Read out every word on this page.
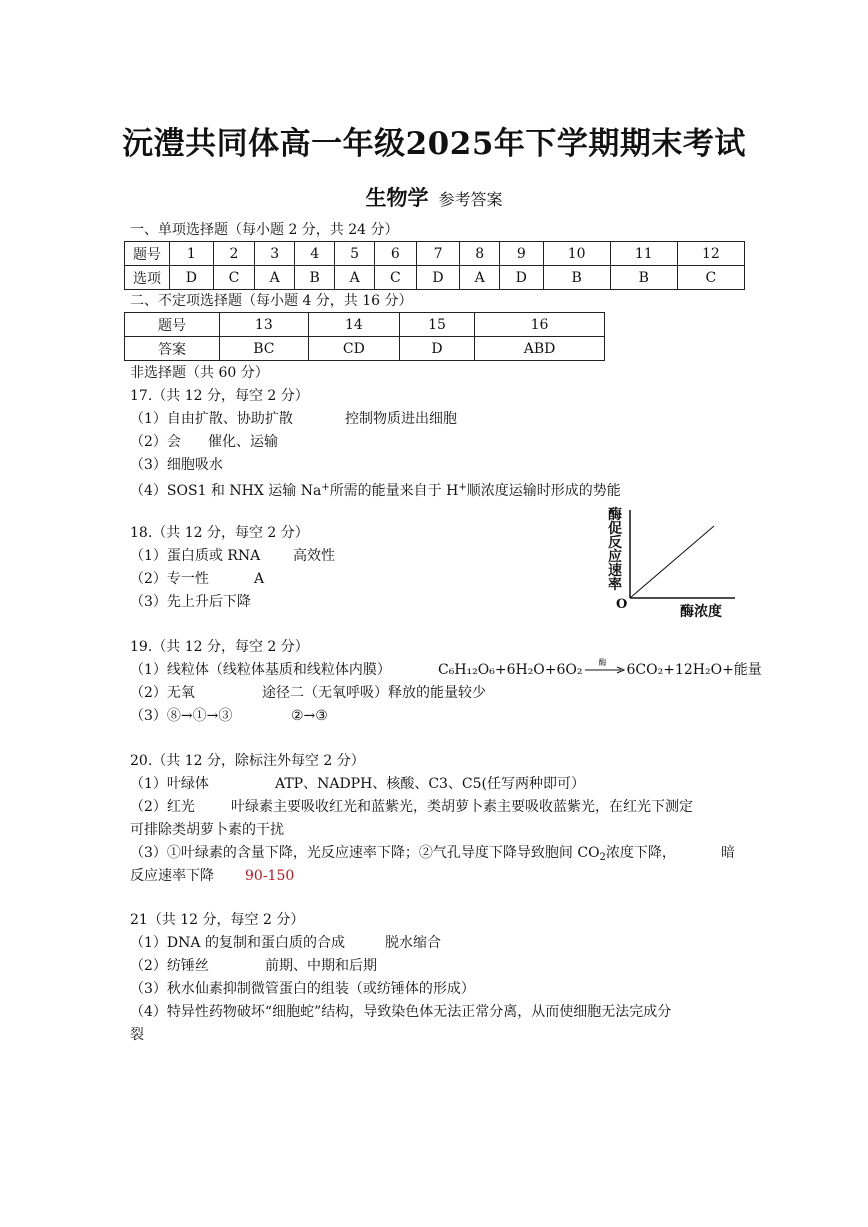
沅澧共同体高一年级2025年下学期期末考试
生物学 参考答案
一、单项选择题（每小题 2 分，共 24 分）
题号	1	2	3	4	5	6	7	8	9	10	11	12
选项	D	C	A	B	A	C	D	A	D	B	B	C
二、不定项选择题（每小题 4 分，共 16 分）
题号	13	14	15	16
答案	BC	CD	D	ABD
非选择题（共 60 分）
17.（共 12 分，每空 2 分）
（1）自由扩散、协助扩散	控制物质进出细胞
（2）会 催化、运输
（3）细胞吸水
（4）SOS1 和 NHX 运输 Na+所需的能量来自于 H+顺浓度运输时形成的势能
18.（共 12 分，每空 2 分）
（1）蛋白质或 RNA 高效性
（2）专一性	A
（3）先上升后下降
酶
促
反
应
速
率
O	酶浓度
19.（共 12 分，每空 2 分）
（1）线粒体（线粒体基质和线粒体内膜）	C₆H₁₂O₆+6H₂O+6O₂ 酶 6CO₂+12H₂O+能量
（2）无氧	途径二（无氧呼吸）释放的能量较少
（3）⑧→①→③	②→③
20.（共 12 分，除标注外每空 2 分）
（1）叶绿体	ATP、NADPH、核酸、C3、C5(任写两种即可）
（2）红光	叶绿素主要吸收红光和蓝紫光，类胡萝卜素主要吸收蓝紫光，在红光下测定
可排除类胡萝卜素的干扰
（3）①叶绿素的含量下降，光反应速率下降；②气孔导度下降导致胞间 $CO_2$浓度下降，	暗
反应速率下降 90-150
21（共 12 分，每空 2 分）
（1）DNA 的复制和蛋白质的合成	脱水缩合
（2）纺锤丝	前期、中期和后期
（3）秋水仙素抑制微管蛋白的组装（或纺锤体的形成）
（4）特异性药物破坏“细胞蛇”结构，导致染色体无法正常分离，从而使细胞无法完成分
裂
